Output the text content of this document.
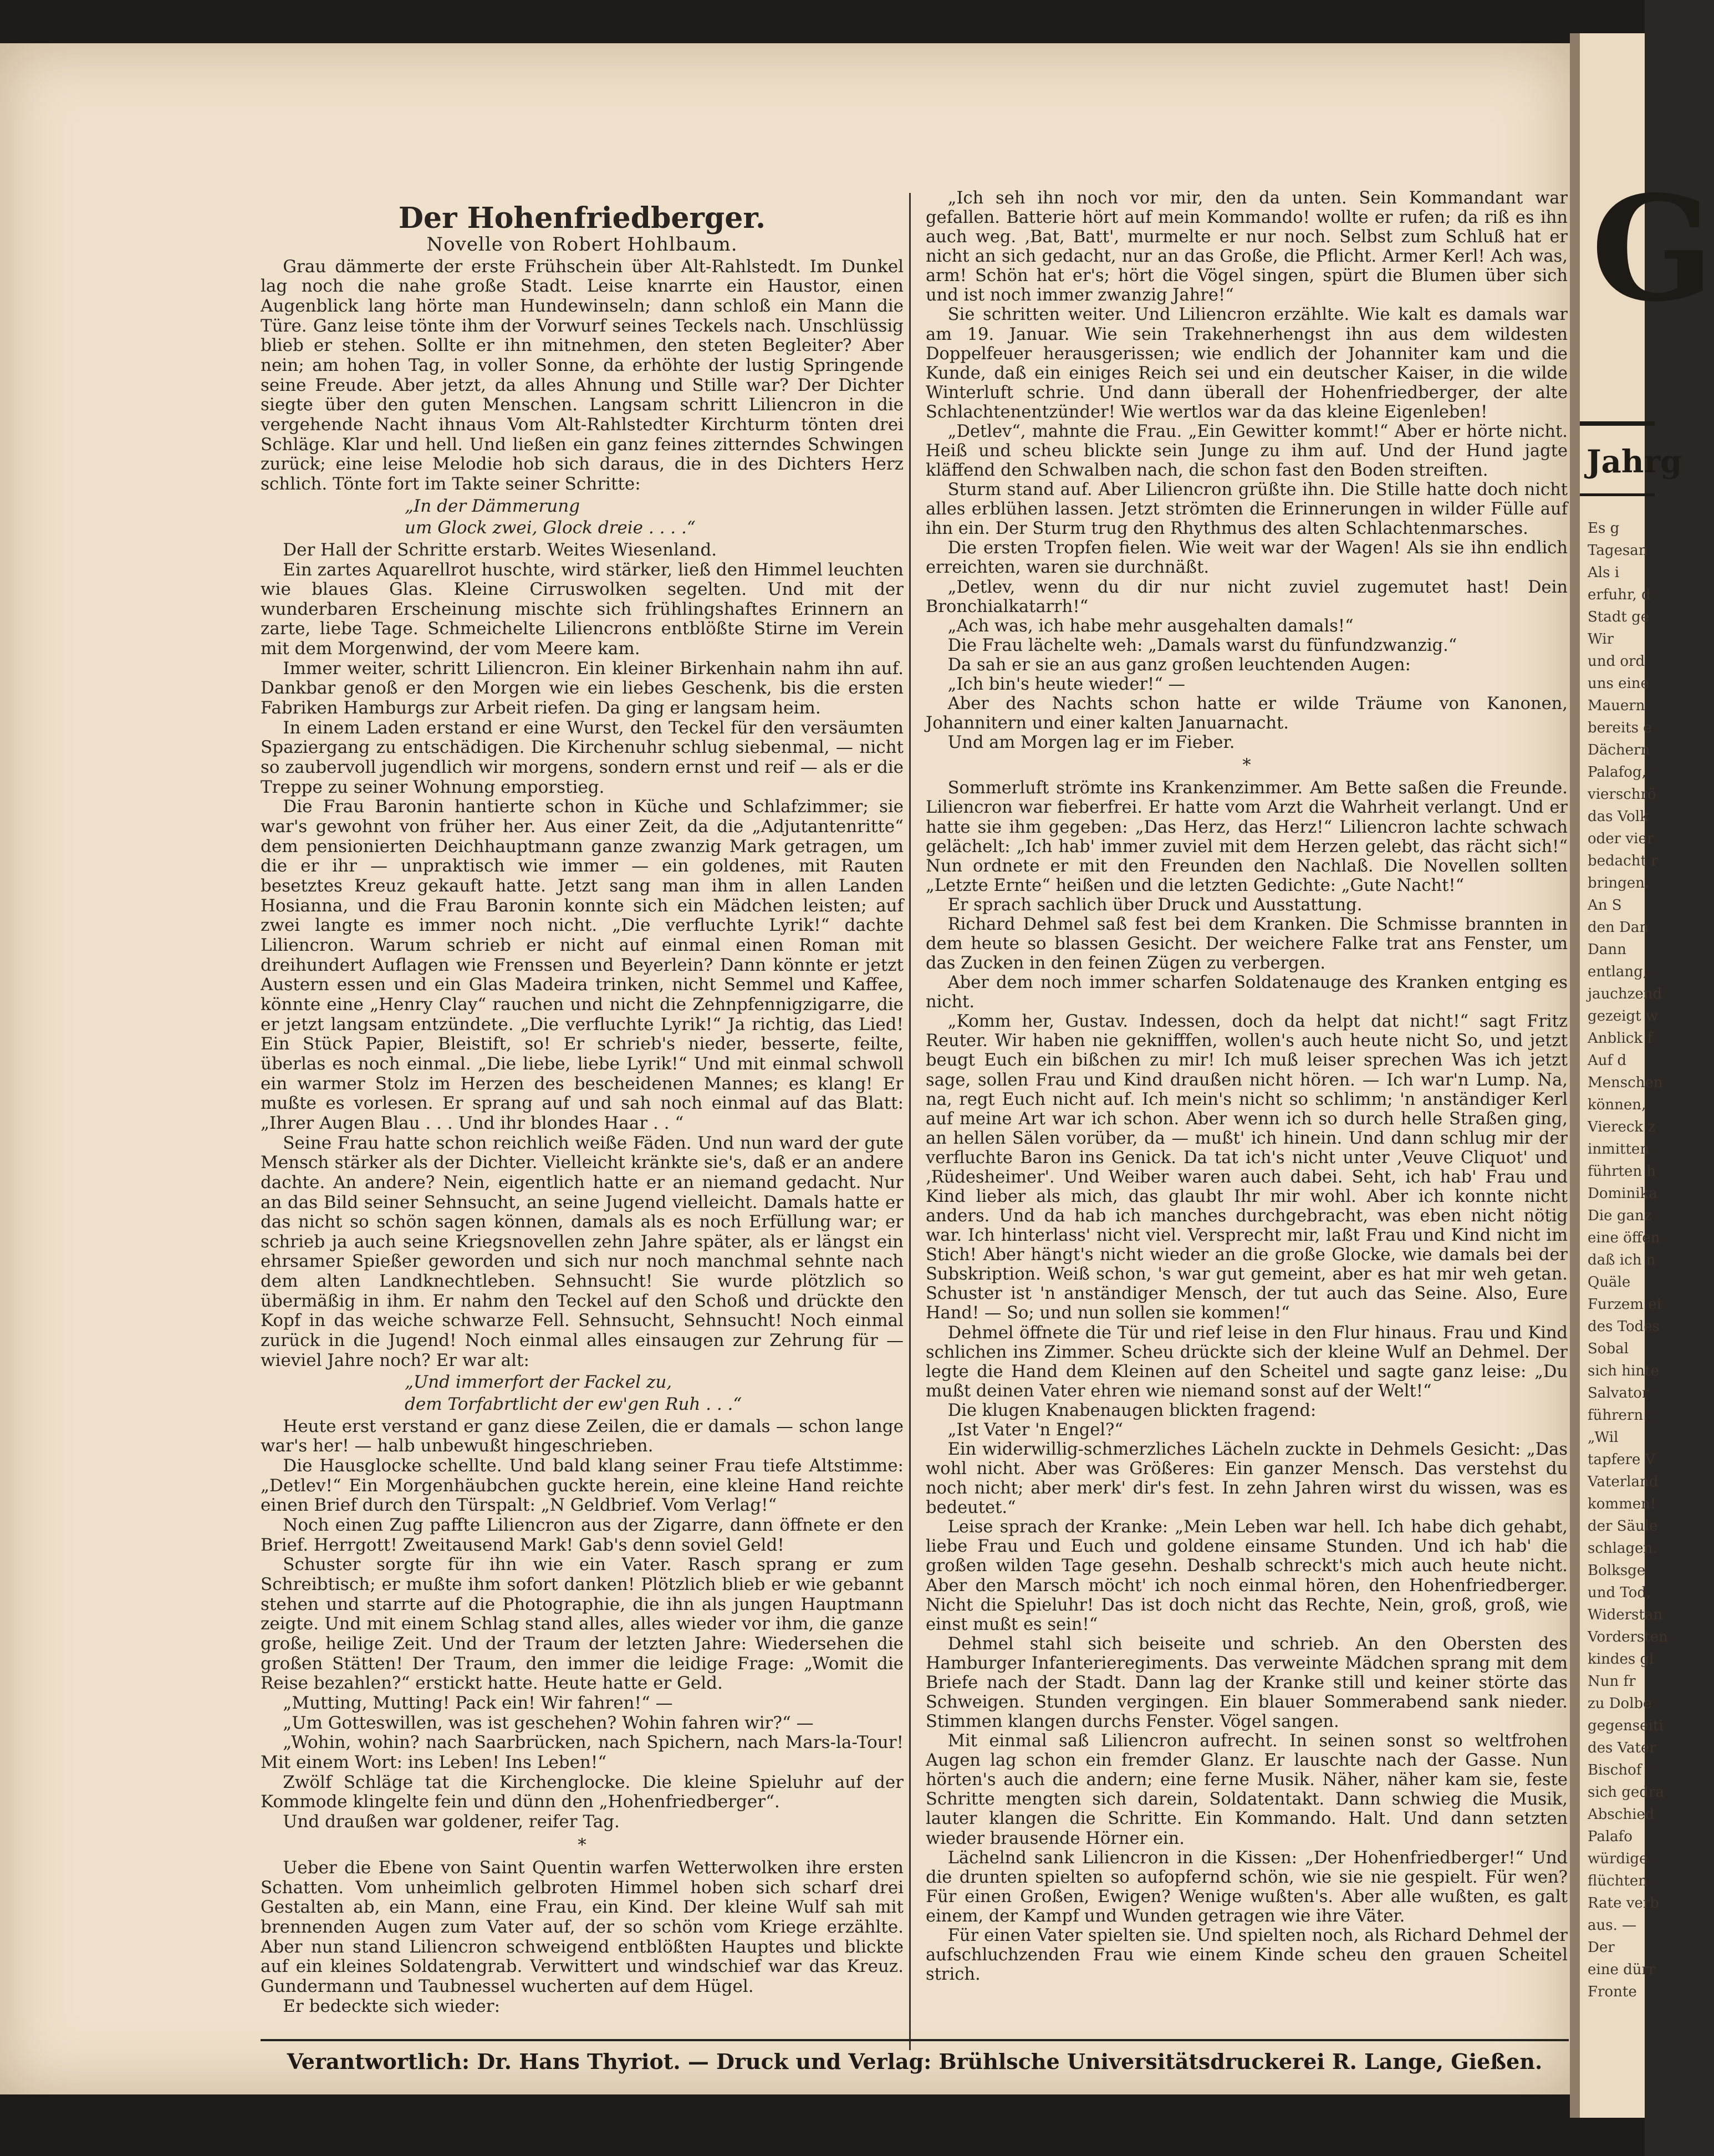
Der Hohenfriedberger.
Novelle von Robert Hohlbaum.

Grau dämmerte der erste Frühschein über Alt-Rahlstedt. Im Dunkel lag noch die nahe große Stadt. Leise knarrte ein Haustor, einen Augenblick lang hörte man Hundewinseln; dann schloß ein Mann die Türe. Ganz leise tönte ihm der Vorwurf seines Teckels nach. Unschlüssig blieb er stehen. Sollte er ihn mitnehmen, den steten Begleiter? Aber nein; am hohen Tag, in voller Sonne, da erhöhte der lustig Springende seine Freude. Aber jetzt, da alles Ahnung und Stille war? Der Dichter siegte über den guten Menschen. Langsam schritt Liliencron in die vergehende Nacht ihnaus Vom Alt-Rahlstedter Kirchturm tönten drei Schläge. Klar und hell. Und ließen ein ganz feines zitterndes Schwingen zurück; eine leise Melodie hob sich daraus, die in des Dichters Herz schlich. Tönte fort im Takte seiner Schritte:

„In der Dämmerung
um Glock zwei, Glock dreie . . . .“

Der Hall der Schritte erstarb. Weites Wiesenland.

Ein zartes Aquarellrot huschte, wird stärker, ließ den Himmel leuchten wie blaues Glas. Kleine Cirruswolken segelten. Und mit der wunderbaren Erscheinung mischte sich frühlingshaftes Erinnern an zarte, liebe Tage. Schmeichelte Liliencrons entblößte Stirne im Verein mit dem Morgenwind, der vom Meere kam.

Immer weiter, schritt Liliencron. Ein kleiner Birkenhain nahm ihn auf. Dankbar genoß er den Morgen wie ein liebes Geschenk, bis die ersten Fabriken Hamburgs zur Arbeit riefen. Da ging er langsam heim.

In einem Laden erstand er eine Wurst, den Teckel für den versäumten Spaziergang zu entschädigen. Die Kirchenuhr schlug siebenmal, — nicht so zaubervoll jugendlich wir morgens, sondern ernst und reif — als er die Treppe zu seiner Wohnung emporstieg.

Die Frau Baronin hantierte schon in Küche und Schlafzimmer; sie war's gewohnt von früher her. Aus einer Zeit, da die „Adjutantenritte“ dem pensionierten Deichhauptmann ganze zwanzig Mark getragen, um die er ihr — unpraktisch wie immer — ein goldenes, mit Rauten besetztes Kreuz gekauft hatte. Jetzt sang man ihm in allen Landen Hosianna, und die Frau Baronin konnte sich ein Mädchen leisten; auf zwei langte es immer noch nicht. „Die verfluchte Lyrik!“ dachte Liliencron. Warum schrieb er nicht auf einmal einen Roman mit dreihundert Auflagen wie Frenssen und Beyerlein? Dann könnte er jetzt Austern essen und ein Glas Madeira trinken, nicht Semmel und Kaffee, könnte eine „Henry Clay“ rauchen und nicht die Zehnpfennigzigarre, die er jetzt langsam entzündete. „Die verfluchte Lyrik!“ Ja richtig, das Lied! Ein Stück Papier, Bleistift, so! Er schrieb's nieder, besserte, feilte, überlas es noch einmal. „Die liebe, liebe Lyrik!“ Und mit einmal schwoll ein warmer Stolz im Herzen des bescheidenen Mannes; es klang! Er mußte es vorlesen. Er sprang auf und sah noch einmal auf das Blatt: „Ihrer Augen Blau . . . Und ihr blondes Haar . . “

Seine Frau hatte schon reichlich weiße Fäden. Und nun ward der gute Mensch stärker als der Dichter. Vielleicht kränkte sie's, daß er an andere dachte. An andere? Nein, eigentlich hatte er an niemand gedacht. Nur an das Bild seiner Sehnsucht, an seine Jugend vielleicht. Damals hatte er das nicht so schön sagen können, damals als es noch Erfüllung war; er schrieb ja auch seine Kriegsnovellen zehn Jahre später, als er längst ein ehrsamer Spießer geworden und sich nur noch manchmal sehnte nach dem alten Landknechtleben. Sehnsucht! Sie wurde plötzlich so übermäßig in ihm. Er nahm den Teckel auf den Schoß und drückte den Kopf in das weiche schwarze Fell. Sehnsucht, Sehnsucht! Noch einmal zurück in die Jugend! Noch einmal alles einsaugen zur Zehrung für — wieviel Jahre noch? Er war alt:

„Und immerfort der Fackel zu,
dem Torfabrtlicht der ew'gen Ruh . . .“

Heute erst verstand er ganz diese Zeilen, die er damals — schon lange war's her! — halb unbewußt hingeschrieben.

Die Hausglocke schellte. Und bald klang seiner Frau tiefe Altstimme: „Detlev!“ Ein Morgenhäubchen guckte herein, eine kleine Hand reichte einen Brief durch den Türspalt: „N Geldbrief. Vom Verlag!“

Noch einen Zug paffte Liliencron aus der Zigarre, dann öffnete er den Brief. Herrgott! Zweitausend Mark! Gab's denn soviel Geld!

Schuster sorgte für ihn wie ein Vater. Rasch sprang er zum Schreibtisch; er mußte ihm sofort danken! Plötzlich blieb er wie gebannt stehen und starrte auf die Photographie, die ihn als jungen Hauptmann zeigte. Und mit einem Schlag stand alles, alles wieder vor ihm, die ganze große, heilige Zeit. Und der Traum der letzten Jahre: Wiedersehen die großen Stätten! Der Traum, den immer die leidige Frage: „Womit die Reise bezahlen?“ erstickt hatte. Heute hatte er Geld.

„Mutting, Mutting! Pack ein! Wir fahren!“ —

„Um Gotteswillen, was ist geschehen? Wohin fahren wir?“ —

„Wohin, wohin? nach Saarbrücken, nach Spichern, nach Mars-la-Tour! Mit einem Wort: ins Leben! Ins Leben!“

Zwölf Schläge tat die Kirchenglocke. Die kleine Spieluhr auf der Kommode klingelte fein und dünn den „Hohenfriedberger“.

Und draußen war goldener, reifer Tag.

*

Ueber die Ebene von Saint Quentin warfen Wetterwolken ihre ersten Schatten. Vom unheimlich gelbroten Himmel hoben sich scharf drei Gestalten ab, ein Mann, eine Frau, ein Kind. Der kleine Wulf sah mit brennenden Augen zum Vater auf, der so schön vom Kriege erzählte. Aber nun stand Liliencron schweigend entblößten Hauptes und blickte auf ein kleines Soldatengrab. Verwittert und windschief war das Kreuz. Gundermann und Taubnessel wucherten auf dem Hügel.

Er bedeckte sich wieder:

„Ich seh ihn noch vor mir, den da unten. Sein Kommandant war gefallen. Batterie hört auf mein Kommando! wollte er rufen; da riß es ihn auch weg. ‚Bat, Batt', murmelte er nur noch. Selbst zum Schluß hat er nicht an sich gedacht, nur an das Große, die Pflicht. Armer Kerl! Ach was, arm! Schön hat er's; hört die Vögel singen, spürt die Blumen über sich und ist noch immer zwanzig Jahre!“

Sie schritten weiter. Und Liliencron erzählte. Wie kalt es damals war am 19. Januar. Wie sein Trakehnerhengst ihn aus dem wildesten Doppelfeuer herausgerissen; wie endlich der Johanniter kam und die Kunde, daß ein einiges Reich sei und ein deutscher Kaiser, in die wilde Winterluft schrie. Und dann überall der Hohenfriedberger, der alte Schlachtenentzünder! Wie wertlos war da das kleine Eigenleben!

„Detlev“, mahnte die Frau. „Ein Gewitter kommt!“ Aber er hörte nicht. Heiß und scheu blickte sein Junge zu ihm auf. Und der Hund jagte kläffend den Schwalben nach, die schon fast den Boden streiften.

Sturm stand auf. Aber Liliencron grüßte ihn. Die Stille hatte doch nicht alles erblühen lassen. Jetzt strömten die Erinnerungen in wilder Fülle auf ihn ein. Der Sturm trug den Rhythmus des alten Schlachtenmarsches.

Die ersten Tropfen fielen. Wie weit war der Wagen! Als sie ihn endlich erreichten, waren sie durchnäßt.

„Detlev, wenn du dir nur nicht zuviel zugemutet hast! Dein Bronchialkatarrh!“

„Ach was, ich habe mehr ausgehalten damals!“

Die Frau lächelte weh: „Damals warst du fünfundzwanzig.“

Da sah er sie an aus ganz großen leuchtenden Augen:

„Ich bin's heute wieder!“ —

Aber des Nachts schon hatte er wilde Träume von Kanonen, Johannitern und einer kalten Januarnacht.

Und am Morgen lag er im Fieber.

*

Sommerluft strömte ins Krankenzimmer. Am Bette saßen die Freunde. Liliencron war fieberfrei. Er hatte vom Arzt die Wahrheit verlangt. Und er hatte sie ihm gegeben: „Das Herz, das Herz!“ Liliencron lachte schwach gelächelt: „Ich hab' immer zuviel mit dem Herzen gelebt, das rächt sich!“ Nun ordnete er mit den Freunden den Nachlaß. Die Novellen sollten „Letzte Ernte“ heißen und die letzten Gedichte: „Gute Nacht!“

Er sprach sachlich über Druck und Ausstattung.

Richard Dehmel saß fest bei dem Kranken. Die Schmisse brannten in dem heute so blassen Gesicht. Der weichere Falke trat ans Fenster, um das Zucken in den feinen Zügen zu verbergen.

Aber dem noch immer scharfen Soldatenauge des Kranken entging es nicht.

„Komm her, Gustav. Indessen, doch da helpt dat nicht!“ sagt Fritz Reuter. Wir haben nie geknifffen, wollen's auch heute nicht So, und jetzt beugt Euch ein bißchen zu mir! Ich muß leiser sprechen Was ich jetzt sage, sollen Frau und Kind draußen nicht hören. — Ich war'n Lump. Na, na, regt Euch nicht auf. Ich mein's nicht so schlimm; 'n anständiger Kerl auf meine Art war ich schon. Aber wenn ich so durch helle Straßen ging, an hellen Sälen vorüber, da — mußt' ich hinein. Und dann schlug mir der verfluchte Baron ins Genick. Da tat ich's nicht unter ‚Veuve Cliquot' und ‚Rüdesheimer'. Und Weiber waren auch dabei. Seht, ich hab' Frau und Kind lieber als mich, das glaubt Ihr mir wohl. Aber ich konnte nicht anders. Und da hab ich manches durchgebracht, was eben nicht nötig war. Ich hinterlass' nicht viel. Versprecht mir, laßt Frau und Kind nicht im Stich! Aber hängt's nicht wieder an die große Glocke, wie damals bei der Subskription. Weiß schon, 's war gut gemeint, aber es hat mir weh getan. Schuster ist 'n anständiger Mensch, der tut auch das Seine. Also, Eure Hand! — So; und nun sollen sie kommen!“

Dehmel öffnete die Tür und rief leise in den Flur hinaus. Frau und Kind schlichen ins Zimmer. Scheu drückte sich der kleine Wulf an Dehmel. Der legte die Hand dem Kleinen auf den Scheitel und sagte ganz leise: „Du mußt deinen Vater ehren wie niemand sonst auf der Welt!“

Die klugen Knabenaugen blickten fragend:

„Ist Vater 'n Engel?“

Ein widerwillig-schmerzliches Lächeln zuckte in Dehmels Gesicht: „Das wohl nicht. Aber was Größeres: Ein ganzer Mensch. Das verstehst du noch nicht; aber merk' dir's fest. In zehn Jahren wirst du wissen, was es bedeutet.“

Leise sprach der Kranke: „Mein Leben war hell. Ich habe dich gehabt, liebe Frau und Euch und goldene einsame Stunden. Und ich hab' die großen wilden Tage gesehn. Deshalb schreckt's mich auch heute nicht. Aber den Marsch möcht' ich noch einmal hören, den Hohenfriedberger. Nicht die Spieluhr! Das ist doch nicht das Rechte, Nein, groß, groß, wie einst mußt es sein!“

Dehmel stahl sich beiseite und schrieb. An den Obersten des Hamburger Infanterieregiments. Das verweinte Mädchen sprang mit dem Briefe nach der Stadt. Dann lag der Kranke still und keiner störte das Schweigen. Stunden vergingen. Ein blauer Sommerabend sank nieder. Stimmen klangen durchs Fenster. Vögel sangen.

Mit einmal saß Liliencron aufrecht. In seinen sonst so weltfrohen Augen lag schon ein fremder Glanz. Er lauschte nach der Gasse. Nun hörten's auch die andern; eine ferne Musik. Näher, näher kam sie, feste Schritte mengten sich darein, Soldatentakt. Dann schwieg die Musik, lauter klangen die Schritte. Ein Kommando. Halt. Und dann setzten wieder brausende Hörner ein.

Lächelnd sank Liliencron in die Kissen: „Der Hohenfriedberger!“ Und die drunten spielten so aufopfernd schön, wie sie nie gespielt. Für wen? Für einen Großen, Ewigen? Wenige wußten's. Aber alle wußten, es galt einem, der Kampf und Wunden getragen wie ihre Väter.

Für einen Vater spielten sie. Und spielten noch, als Richard Dehmel der aufschluchzenden Frau wie einem Kinde scheu den grauen Scheitel strich.

Verantwortlich: Dr. Hans Thyriot. — Druck und Verlag: Brühlsche Universitätsdruckerei R. Lange, Gießen.
G
Jahrg
Es g
Tagesan
Als i
erfuhr, d
Stadt ge
Wir
und ord
uns eine
Mauern
bereits e
Dächern
Palafog,
vierschrö
das Volk
oder vier
bedacht r
bringen.
An S
den Dan
Dann
entlang,
jauchzend
gezeigt w
Anblick f
Auf d
Menschen
können,
Viereck z
inmitten
führten h
Dominika
Die ganz
eine öffen
daß ich n
Quäle
Furzem ei
des Todes
Sobal
sich hinte
Salvator
führern.
„Wil
tapfere V
Vaterland
kommen!
der Säule
schlagen.
Bolksge
und Tod,
Widerstan
Vordersten
kindes gl
Nun fr
zu Dolbe
gegenseiti
des Vater
Bischof
sich gedra
Abschied
Palafo
würdige
flüchten
Rate verb
aus. —
Der
eine dürr
Fronte
